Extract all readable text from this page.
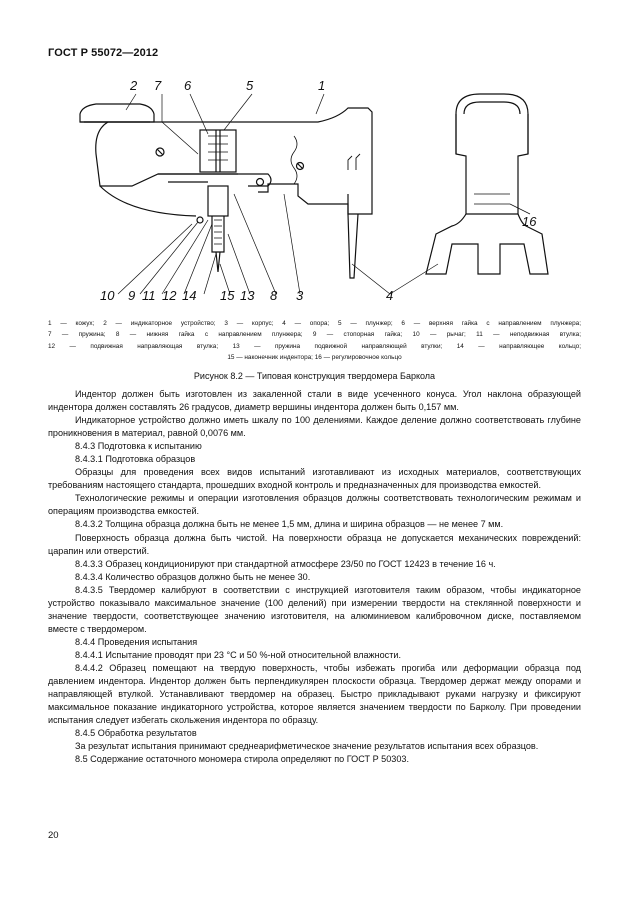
ГОСТ Р 55072—2012
2 7 6	5	1
10 9 11 12 14 15 13 8 3	4
16
1 — кожух; 2 — индикаторное устройство; 3 — корпус; 4 — опора; 5 — плунжер; 6 — верхняя гайка с направлением плунжера;
7 — пружина; 8 — нижняя гайка с направлением плунжера; 9 — стопорная гайка; 10 — рычаг; 11 — неподвижная втулка;
12 — подвижная направляющая втулка; 13 — пружина подвижной направляющей втулки; 14 — направляющее кольцо;
15 — наконечник индентора; 16 — регулировочное кольцо
Рисунок 8.2 — Типовая конструкция твердомера Барколa

Индентор должен быть изготовлен из закаленной стали в виде усеченного конуса. Угол наклона образующей индентора должен составлять 26 градусов, диаметр вершины индентора должен быть 0,157 мм.

Индикаторное устройство должно иметь шкалу по 100 делениями. Каждое деление должно соответствовать глубине проникновения в материал, равной 0,0076 мм.

8.4.3 Подготовка к испытанию

8.4.3.1 Подготовка образцов

Образцы для проведения всех видов испытаний изготавливают из исходных материалов, соответствующих требованиям настоящего стандарта, прошедших входной контроль и предназначенных для производства емкостей.

Технологические режимы и операции изготовления образцов должны соответствовать технологическим режимам и операциям производства емкостей.

8.4.3.2 Толщина образца должна быть не менее 1,5 мм, длина и ширина образцов — не менее 7 мм.

Поверхность образца должна быть чистой. На поверхности образца не допускается механических повреждений: царапин или отверстий.

8.4.3.3 Образец кондиционируют при стандартной атмосфере 23/50 по ГОСТ 12423 в течение 16 ч.

8.4.3.4 Количество образцов должно быть не менее 30.

8.4.3.5 Твердомер калибруют в соответствии с инструкцией изготовителя таким образом, чтобы индикаторное устройство показывало максимальное значение (100 делений) при измерении твердости на стеклянной поверхности и значение твердости, соответствующее значению изготовителя, на алюминиевом калибровочном диске, поставляемом вместе с твердомером.

8.4.4 Проведения испытания

8.4.4.1 Испытание проводят при 23 °С и 50 %-ной относительной влажности.

8.4.4.2 Образец помещают на твердую поверхность, чтобы избежать прогиба или деформации образца под давлением индентора. Индентор должен быть перпендикулярен плоскости образца. Твердомер держат между опорами и направляющей втулкой. Устанавливают твердомер на образец. Быстро прикладывают руками нагрузку и фиксируют максимальное показание индикаторного устройства, которое является значением твердости по Барколу. При проведении испытания следует избегать скольжения индентора по образцу.

8.4.5 Обработка результатов

За результат испытания принимают среднеарифметическое значение результатов испытания всех образцов.

8.5 Содержание остаточного мономера стирола определяют по ГОСТ Р 50303.

20
